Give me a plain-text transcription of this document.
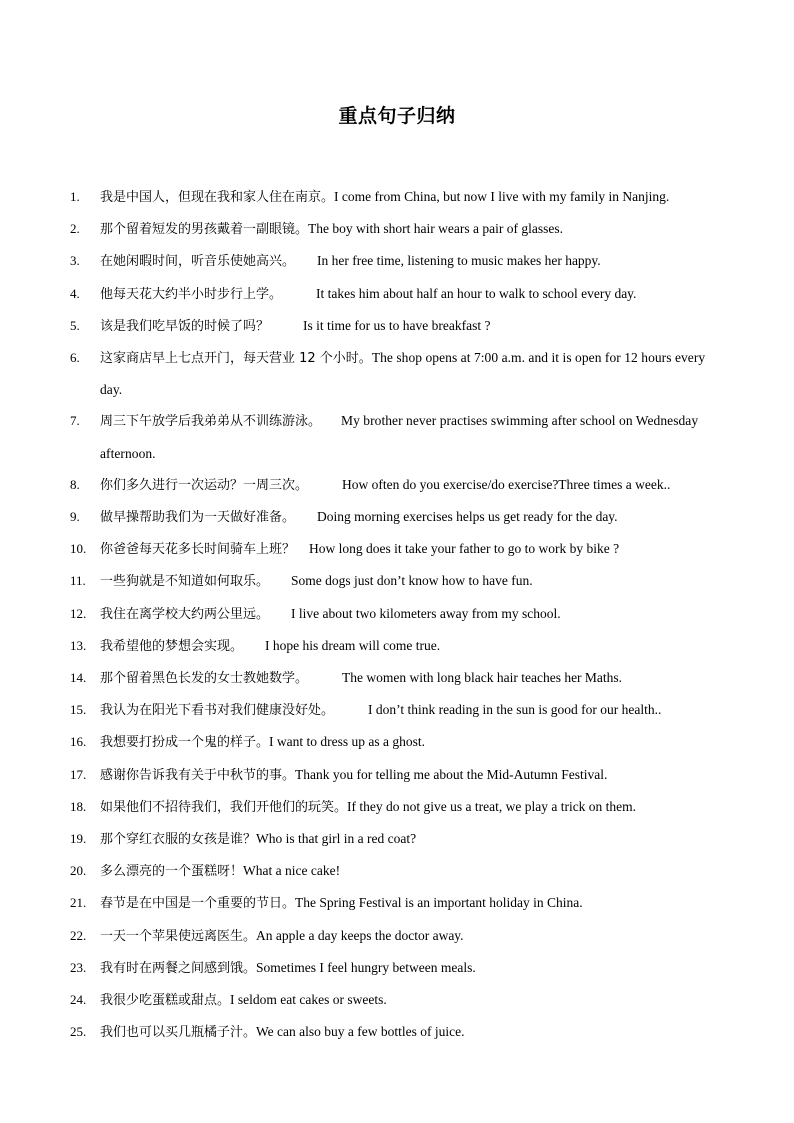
重点句子归纳
1.	我是中国人，但现在我和家人住在南京。I come from China, but now I live with my family in Nanjing.
2.	那个留着短发的男孩戴着一副眼镜。The boy with short hair wears a pair of glasses.
3.	在她闲暇时间，听音乐使她高兴。 In her free time, listening to music makes her happy.
4.	他每天花大约半小时步行上学。	It takes him about half an hour to walk to school every day.
5.	该是我们吃早饭的时候了吗？	Is it time for us to have breakfast ?
6.	这家商店早上七点开门，每天营业 12 个小时。The shop opens at 7:00 a.m. and it is open for 12 hours every day.
7.	周三下午放学后我弟弟从不训练游泳。 My brother never practises swimming after school on Wednesday afternoon.
8.	你们多久进行一次运动？一周三次。	How often do you exercise/do exercise?Three times a week..
9.	做早操帮助我们为一天做好准备。 Doing morning exercises helps us get ready for the day.
10.	你爸爸每天花多长时间骑车上班？ How long does it take your father to go to work by bike ?
11.	一些狗就是不知道如何取乐。 Some dogs just don’t know how to have fun.
12.	我住在离学校大约两公里远。 I live about two kilometers away from my school.
13.	我希望他的梦想会实现。 I hope his dream will come true.
14.	那个留着黑色长发的女士教她数学。	The women with long black hair teaches her Maths.
15.	我认为在阳光下看书对我们健康没好处。	I don’t think reading in the sun is good for our health..
16.	我想要打扮成一个鬼的样子。I want to dress up as a ghost.
17.	感谢你告诉我有关于中秋节的事。Thank you for telling me about the Mid-Autumn Festival.
18.	如果他们不招待我们，我们开他们的玩笑。If they do not give us a treat, we play a trick on them.
19.	那个穿红衣服的女孩是谁？Who is that girl in a red coat?
20.	多么漂亮的一个蛋糕呀！What a nice cake!
21.	春节是在中国是一个重要的节日。The Spring Festival is an important holiday in China.
22.	一天一个苹果使远离医生。An apple a day keeps the doctor away.
23.	我有时在两餐之间感到饿。Sometimes I feel hungry between meals.
24.	我很少吃蛋糕或甜点。I seldom eat cakes or sweets.
25.	我们也可以买几瓶橘子汁。We can also buy a few bottles of juice.
